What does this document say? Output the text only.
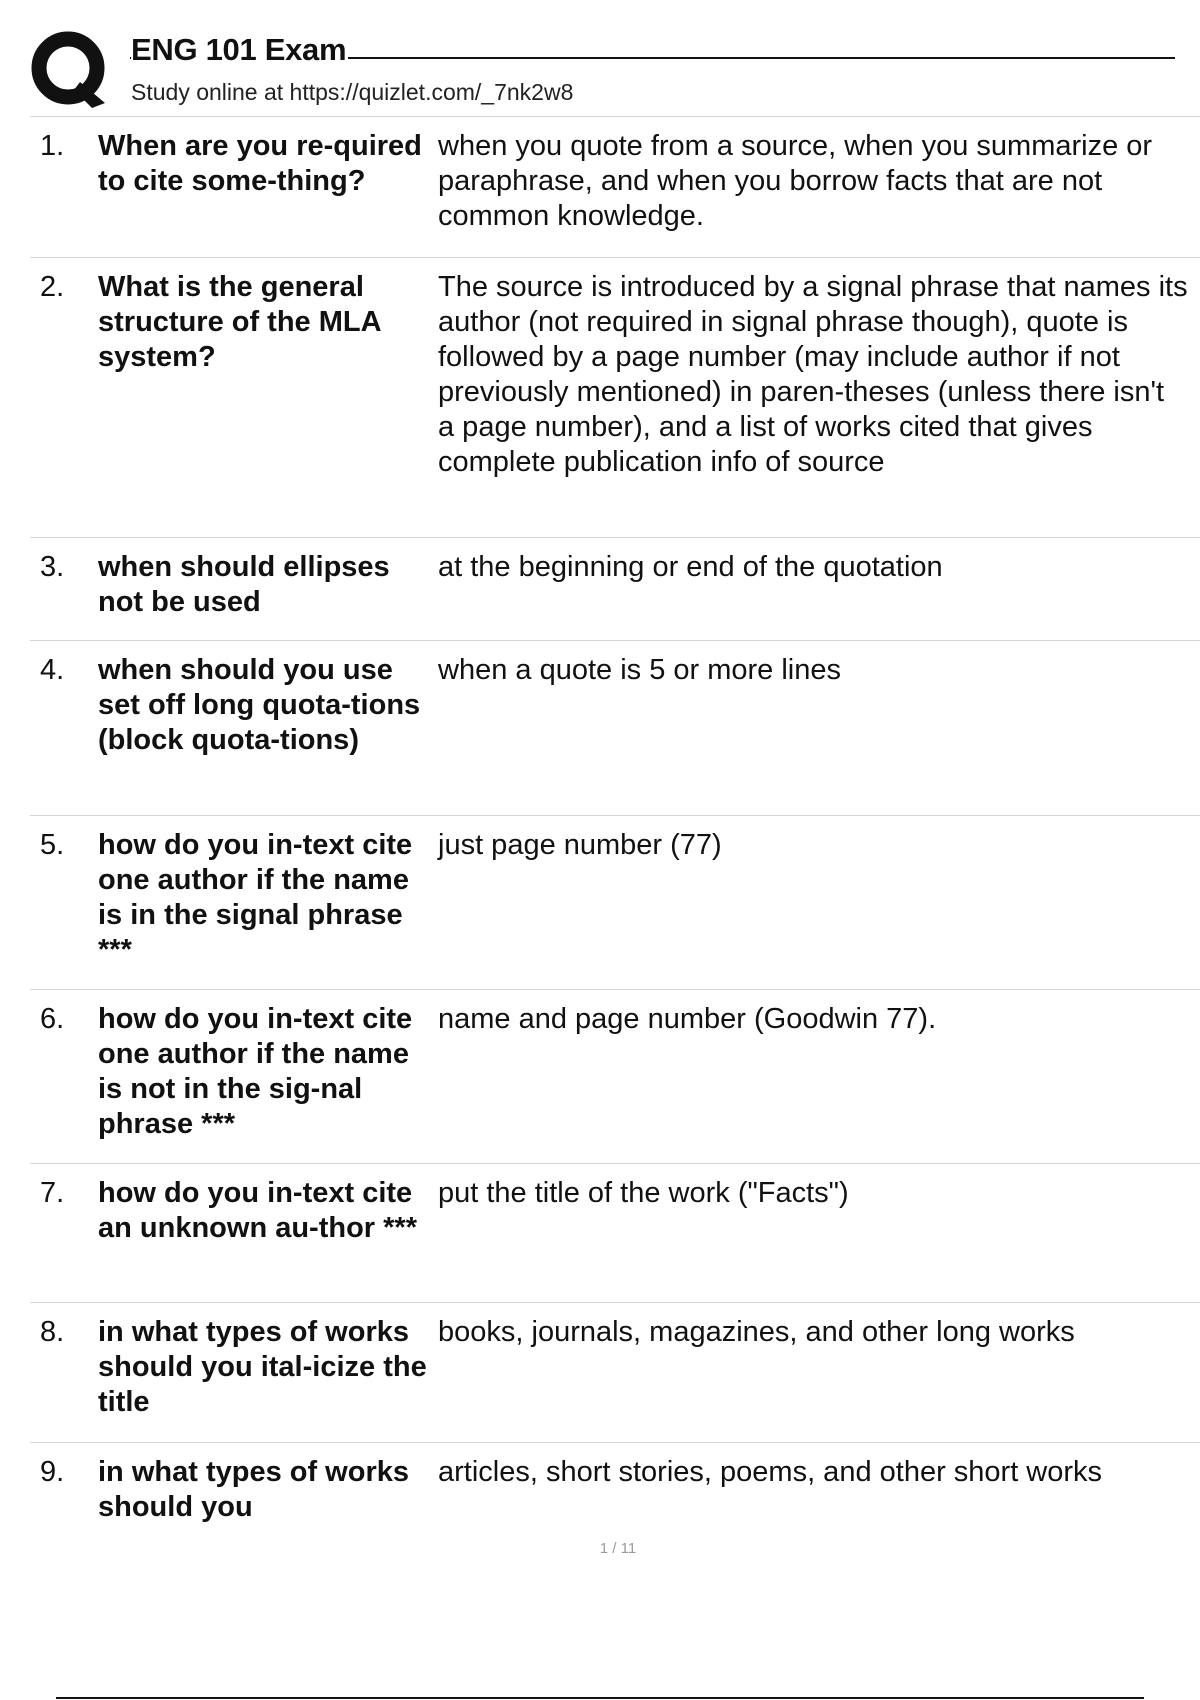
ENG 101 Exam
Study online at https://quizlet.com/_7nk2w8
1.	When are you re-quired to cite some-thing?
when you quote from a source, when you summarize or paraphrase, and when you borrow facts that are not common knowledge.
2.	What is the general structure of the MLA system?
The source is introduced by a signal phrase that names its author (not required in signal phrase though), quote is followed by a page number (may include author if not previously mentioned) in paren-theses (unless there isn't a page number), and a list of works cited that gives complete publication info of source
3.	when should ellipses not be used
at the beginning or end of the quotation
4.	when should you use set off long quota-tions (block quota-tions)
when a quote is 5 or more lines
5.	how do you in-text cite one author if the name is in the signal phrase ***
just page number (77)
6.	how do you in-text cite one author if the name is not in the sig-nal phrase ***
name and page number (Goodwin 77).
7.	how do you in-text cite an unknown au-thor ***
put the title of the work ("Facts")
8.	in what types of works should you ital-icize the title
books, journals, magazines, and other long works
9.	in what types of works should you
articles, short stories, poems, and other short works
1 / 11
